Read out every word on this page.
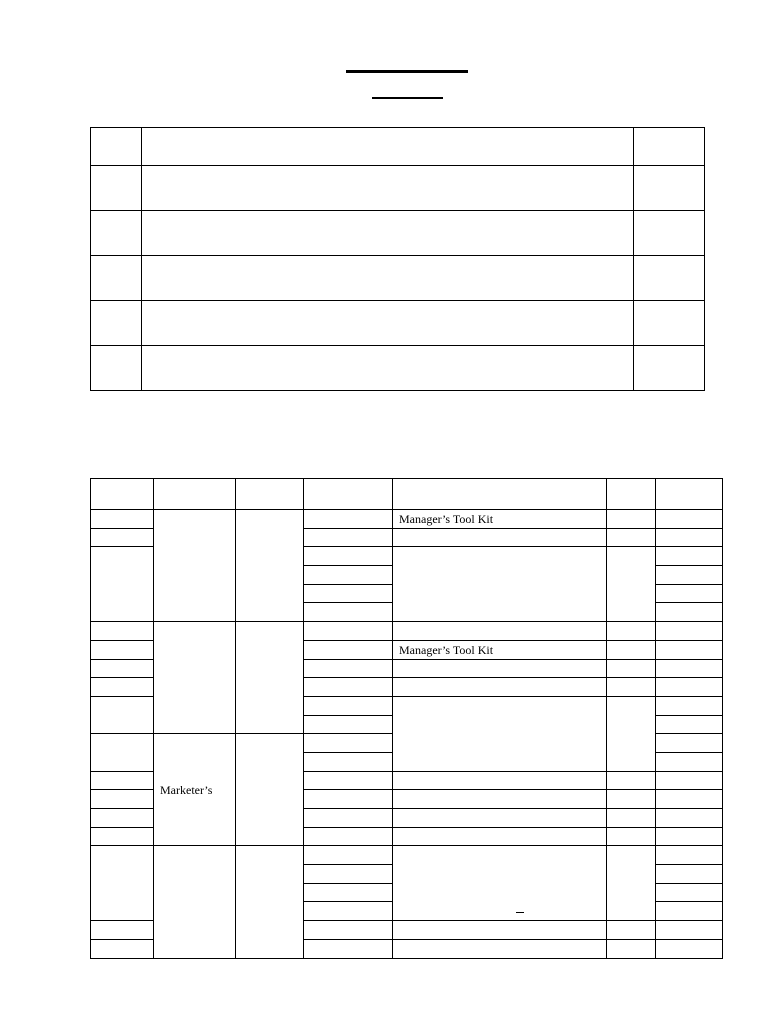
				Manager’s Tool Kit		

				Manager’s Tool Kit		

	Marketer’s					
